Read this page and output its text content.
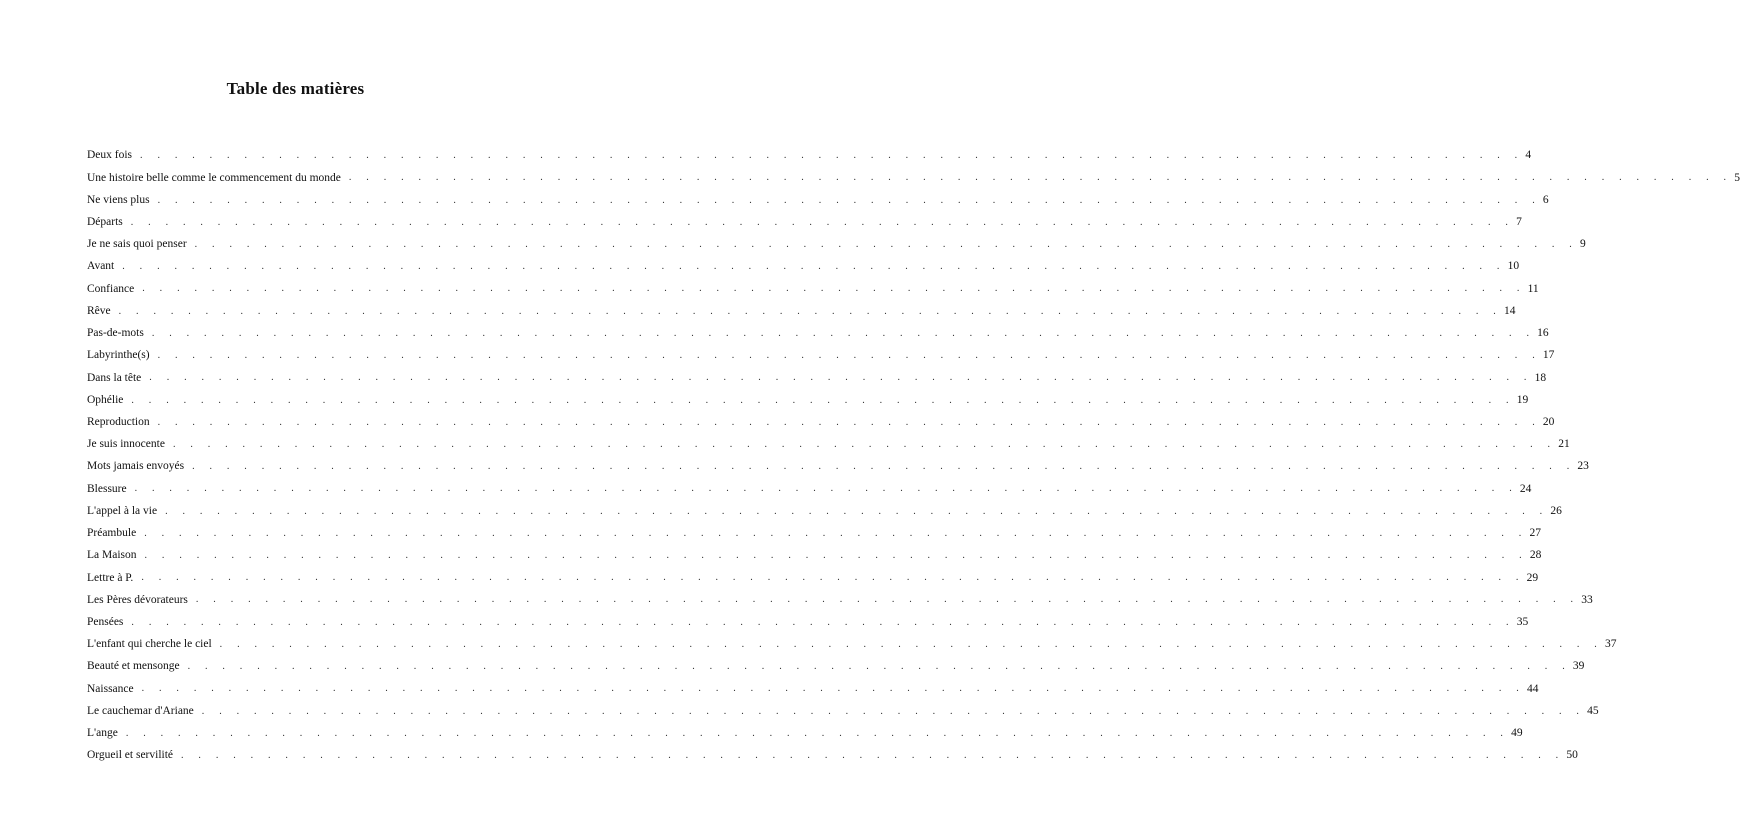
Table des matières
Deux fois . . . . . . . . . . . . . . . . . . . . . . . . . . . . . . . . . . . . . . . . . . . . . . . . . . . . . . . . . . . . . . . . . . . . . . . . . . . . . . . . 4
Une histoire belle comme le commencement du monde . . . . . . . . . . . . . . . . . . . . . . . . . . . . . . . . . . . . . . . . . . . . . . . . . . . . . . . . . . . . . . . . . . . . . . . . . . . . . . . . 5
Ne viens plus . . . . . . . . . . . . . . . . . . . . . . . . . . . . . . . . . . . . . . . . . . . . . . . . . . . . . . . . . . . . . . . . . . . . . . . . . . . . . . . . 6
Départs . . . . . . . . . . . . . . . . . . . . . . . . . . . . . . . . . . . . . . . . . . . . . . . . . . . . . . . . . . . . . . . . . . . . . . . . . . . . . . . . 7
Je ne sais quoi penser . . . . . . . . . . . . . . . . . . . . . . . . . . . . . . . . . . . . . . . . . . . . . . . . . . . . . . . . . . . . . . . . . . . . . . . . . . . . . . . . 9
Avant . . . . . . . . . . . . . . . . . . . . . . . . . . . . . . . . . . . . . . . . . . . . . . . . . . . . . . . . . . . . . . . . . . . . . . . . . . . . . . . . 10
Confiance . . . . . . . . . . . . . . . . . . . . . . . . . . . . . . . . . . . . . . . . . . . . . . . . . . . . . . . . . . . . . . . . . . . . . . . . . . . . . . . . 11
Rêve . . . . . . . . . . . . . . . . . . . . . . . . . . . . . . . . . . . . . . . . . . . . . . . . . . . . . . . . . . . . . . . . . . . . . . . . . . . . . . . . 14
Pas-de-mots . . . . . . . . . . . . . . . . . . . . . . . . . . . . . . . . . . . . . . . . . . . . . . . . . . . . . . . . . . . . . . . . . . . . . . . . . . . . . . . . 16
Labyrinthe(s) . . . . . . . . . . . . . . . . . . . . . . . . . . . . . . . . . . . . . . . . . . . . . . . . . . . . . . . . . . . . . . . . . . . . . . . . . . . . . . . . 17
Dans la tête . . . . . . . . . . . . . . . . . . . . . . . . . . . . . . . . . . . . . . . . . . . . . . . . . . . . . . . . . . . . . . . . . . . . . . . . . . . . . . . . 18
Ophélie . . . . . . . . . . . . . . . . . . . . . . . . . . . . . . . . . . . . . . . . . . . . . . . . . . . . . . . . . . . . . . . . . . . . . . . . . . . . . . . . 19
Reproduction . . . . . . . . . . . . . . . . . . . . . . . . . . . . . . . . . . . . . . . . . . . . . . . . . . . . . . . . . . . . . . . . . . . . . . . . . . . . . . . . 20
Je suis innocente . . . . . . . . . . . . . . . . . . . . . . . . . . . . . . . . . . . . . . . . . . . . . . . . . . . . . . . . . . . . . . . . . . . . . . . . . . . . . . . . 21
Mots jamais envoyés . . . . . . . . . . . . . . . . . . . . . . . . . . . . . . . . . . . . . . . . . . . . . . . . . . . . . . . . . . . . . . . . . . . . . . . . . . . . . . . . 23
Blessure . . . . . . . . . . . . . . . . . . . . . . . . . . . . . . . . . . . . . . . . . . . . . . . . . . . . . . . . . . . . . . . . . . . . . . . . . . . . . . . . 24
L'appel à la vie . . . . . . . . . . . . . . . . . . . . . . . . . . . . . . . . . . . . . . . . . . . . . . . . . . . . . . . . . . . . . . . . . . . . . . . . . . . . . . . . 26
Préambule . . . . . . . . . . . . . . . . . . . . . . . . . . . . . . . . . . . . . . . . . . . . . . . . . . . . . . . . . . . . . . . . . . . . . . . . . . . . . . . . 27
La Maison . . . . . . . . . . . . . . . . . . . . . . . . . . . . . . . . . . . . . . . . . . . . . . . . . . . . . . . . . . . . . . . . . . . . . . . . . . . . . . . . 28
Lettre à P. . . . . . . . . . . . . . . . . . . . . . . . . . . . . . . . . . . . . . . . . . . . . . . . . . . . . . . . . . . . . . . . . . . . . . . . . . . . . . . . . 29
Les Pères dévorateurs . . . . . . . . . . . . . . . . . . . . . . . . . . . . . . . . . . . . . . . . . . . . . . . . . . . . . . . . . . . . . . . . . . . . . . . . . . . . . . . . 33
Pensées . . . . . . . . . . . . . . . . . . . . . . . . . . . . . . . . . . . . . . . . . . . . . . . . . . . . . . . . . . . . . . . . . . . . . . . . . . . . . . . . 35
L'enfant qui cherche le ciel . . . . . . . . . . . . . . . . . . . . . . . . . . . . . . . . . . . . . . . . . . . . . . . . . . . . . . . . . . . . . . . . . . . . . . . . . . . . . . . . 37
Beauté et mensonge . . . . . . . . . . . . . . . . . . . . . . . . . . . . . . . . . . . . . . . . . . . . . . . . . . . . . . . . . . . . . . . . . . . . . . . . . . . . . . . . 39
Naissance . . . . . . . . . . . . . . . . . . . . . . . . . . . . . . . . . . . . . . . . . . . . . . . . . . . . . . . . . . . . . . . . . . . . . . . . . . . . . . . . 44
Le cauchemar d'Ariane . . . . . . . . . . . . . . . . . . . . . . . . . . . . . . . . . . . . . . . . . . . . . . . . . . . . . . . . . . . . . . . . . . . . . . . . . . . . . . . . 45
L'ange . . . . . . . . . . . . . . . . . . . . . . . . . . . . . . . . . . . . . . . . . . . . . . . . . . . . . . . . . . . . . . . . . . . . . . . . . . . . . . . . 49
Orgueil et servilité . . . . . . . . . . . . . . . . . . . . . . . . . . . . . . . . . . . . . . . . . . . . . . . . . . . . . . . . . . . . . . . . . . . . . . . . . . . . . . . . 50
